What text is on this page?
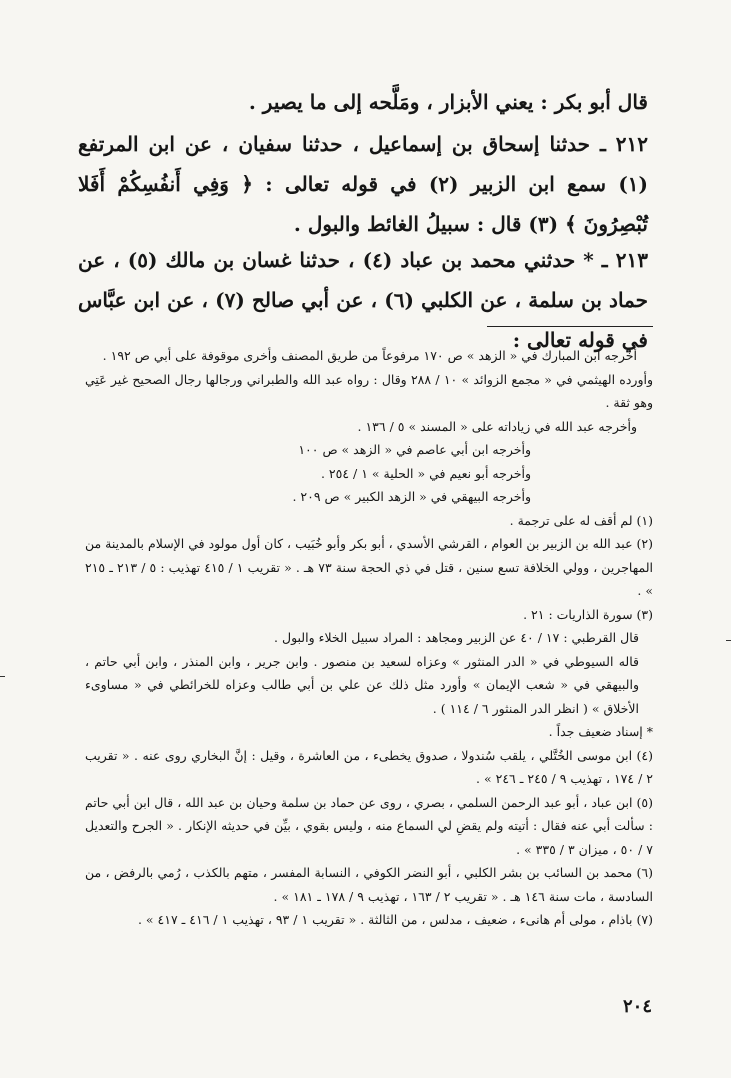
قال أبو بكر : يعني الأبزار ، ومَلَّحه إلى ما يصير .

٢١٢ ـ حدثنا إسحاق بن إسماعيل ، حدثنا سفيان ، عن ابن المرتفع (١) سمع ابن الزبير (٢) في قوله تعالى : ﴿ وَفِي أَنفُسِكُمْ أَفَلا تُبْصِرُونَ ﴾ (٣) قال : سبيلُ الغائط والبول .

٢١٣ ـ * حدثني محمد بن عباد (٤) ، حدثنا غسان بن مالك (٥) ، عن حماد بن سلمة ، عن الكلبي (٦) ، عن أبي صالح (٧) ، عن ابن عبَّاس في قوله تعالى :

أخرجه ابن المبارك في « الزهد » ص ١٧٠ مرفوعاً من طريق المصنف وأخرى موقوفة على أبي ص ١٩٢ .

وأورده الهيثمي في « مجمع الزوائد » ١٠ / ٢٨٨ وقال : رواه عبد الله والطبراني ورجالها رجال الصحيح غير عَتِي وهو ثقة .

وأخرجه عبد الله في زياداته على « المسند » ٥ / ١٣٦ .

وأخرجه ابن أبي عاصم في « الزهد » ص ١٠٠

وأخرجه أبو نعيم في « الحلية » ١ / ٢٥٤ .

وأخرجه البيهقي في « الزهد الكبير » ص ٢٠٩ .

(١) لم أقف له على ترجمة .

(٢) عبد الله بن الزبير بن العوام ، القرشي الأسدي ، أبو بكر وأبو خُبَيب ، كان أول مولود في الإسلام بالمدينة من المهاجرين ، وولي الخلافة تسع سنين ، قتل في ذي الحجة سنة ٧٣ هـ . « تقريب ١ / ٤١٥ تهذيب : ٥ / ٢١٣ ـ ٢١٥ » .

(٣) سورة الذاريات : ٢١ .

قال القرطبي : ١٧ / ٤٠ عن الزبير ومجاهد : المراد سبيل الخلاء والبول .

قاله السيوطي في « الدر المنثور » وعزاه لسعيد بن منصور . وابن جرير ، وابن المنذر ، وابن أبي حاتم ، والبيهقي في « شعب الإيمان » وأورد مثل ذلك عن علي بن أبي طالب وعزاه للخرائطي في « مساوىء الأخلاق » ( انظر الدر المنثور ٦ / ١١٤ ) .

* إسناد ضعيف جداً .

(٤) ابن موسى الخُتَّلي ، يلقب سُندولا ، صدوق يخطىء ، من العاشرة ، وقيل : إنَّ البخاري روى عنه . « تقريب ٢ / ١٧٤ ، تهذيب ٩ / ٢٤٥ ـ ٢٤٦ » .

(٥) ابن عباد ، أبو عبد الرحمن السلمي ، بصري ، روى عن حماد بن سلمة وحيان بن عبد الله ، قال ابن أبي حاتم : سألت أبي عنه فقال : أتيته ولم يقضِ لي السماع منه ، وليس بقوي ، بيِّن في حديثه الإنكار . « الجرح والتعديل ٧ / ٥٠ ، ميزان ٣ / ٣٣٥ » .

(٦) محمد بن السائب بن بشر الكلبي ، أبو النضر الكوفي ، النسابة المفسر ، متهم بالكذب ، رُمي بالرفض ، من السادسة ، مات سنة ١٤٦ هـ . « تقريب ٢ / ١٦٣ ، تهذيب ٩ / ١٧٨ ـ ١٨١ » .

(٧) باذام ، مولى أم هانىء ، ضعيف ، مدلس ، من الثالثة . « تقريب ١ / ٩٣ ، تهذيب ١ / ٤١٦ ـ ٤١٧ » .

٢٠٤
